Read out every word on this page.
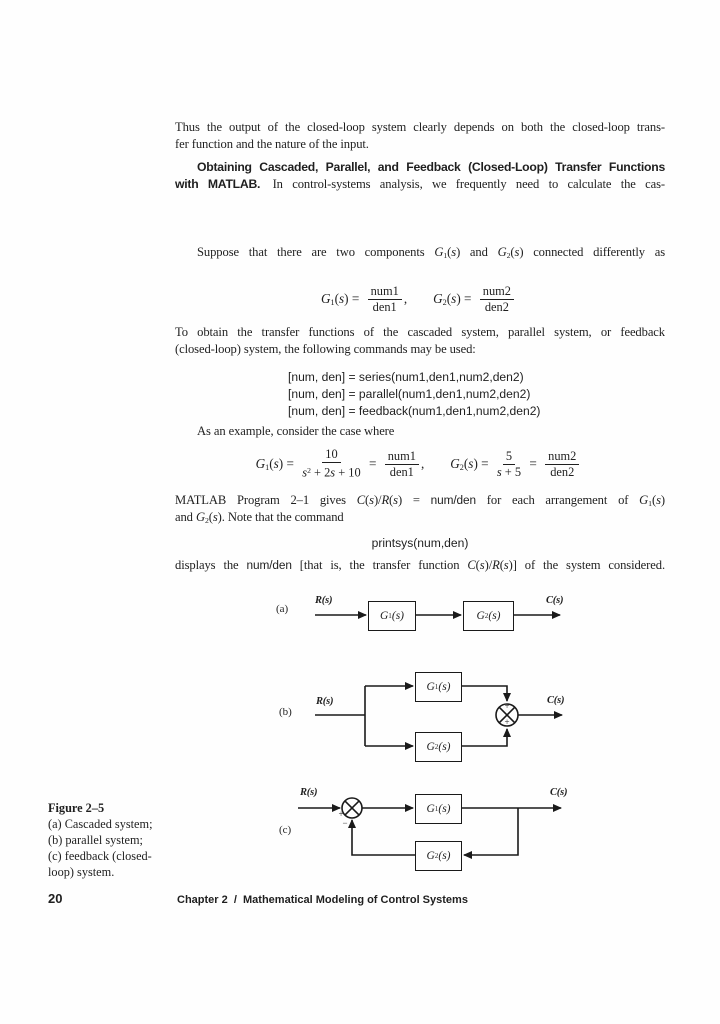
Thus the output of the closed-loop system clearly depends on both the closed-loop trans-
fer function and the nature of the input.
Obtaining Cascaded, Parallel, and Feedback (Closed-Loop) Transfer Functions
with MATLAB.  In control-systems analysis, we frequently need to calculate the cas-
Suppose that there are two components $G_1(s)$ and $G_2(s)$ connected differently as
$G_1(s) = \frac{\text{num1}}{\text{den1}}$ , $G_2(s) = \frac{\text{num2}}{\text{den2}}$
To obtain the transfer functions of the cascaded system, parallel system, or feedback
(closed-loop) system, the following commands may be used:
[num, den] = series(num1,den1,num2,den2)
[num, den] = parallel(num1,den1,num2,den2)
[num, den] = feedback(num1,den1,num2,den2)
As an example, consider the case where
$G_1(s) = \frac{10}{s^2 + 2s + 10} = \frac{\text{num1}}{\text{den1}}$ , $G_2(s) = \frac{5}{s + 5} = \frac{\text{num2}}{\text{den2}}$
MATLAB Program 2–1 gives C(s)/R(s) = num/den for each arrangement of $G_1(s)$
and $G_2(s)$. Note that the command
printsys(num,den)
displays the num/den [that is, the transfer function C(s)/R(s)] of the system considered.
(a)
R(s)	C(s)
G 1 ( s )	G 2 ( s )
(b)
R(s)	C(s)
G 1 ( s )
G 2 ( s )
+
+
(c)
R(s)	C(s)
G 1 ( s )
G 2 ( s )
+
−
Figure 2–5
(a) Cascaded system;
(b) parallel system;
(c) feedback (closed-
loop) system.
20	Chapter 2  /  Mathematical Modeling of Control Systems
